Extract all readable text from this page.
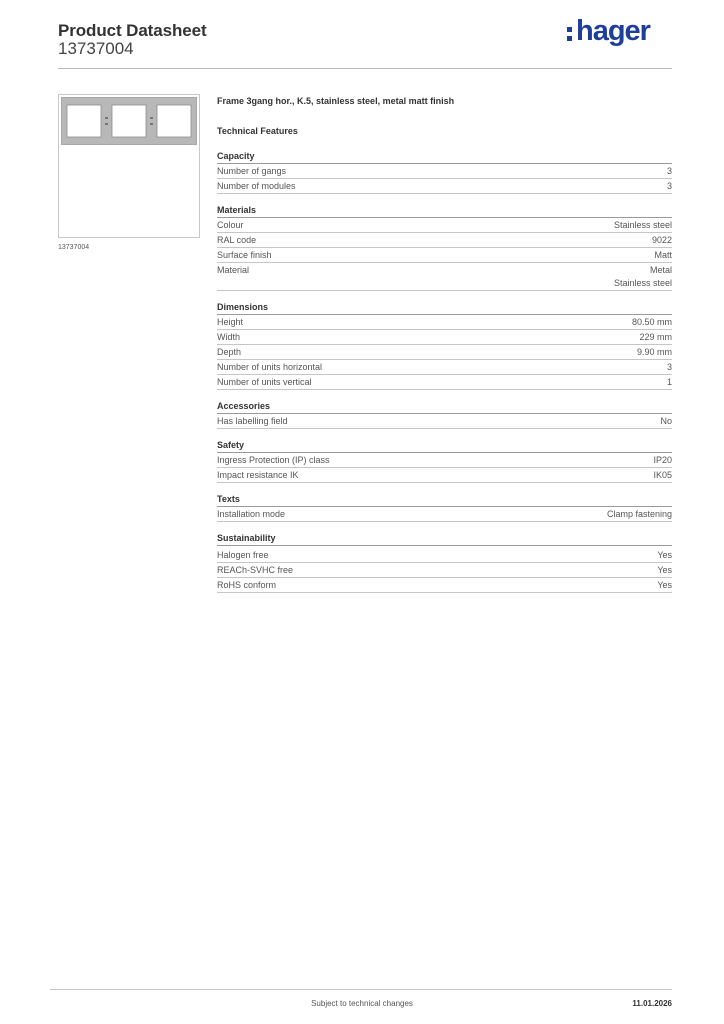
Product Datasheet
13737004
hager
13737004
Frame 3gang hor., K.5, stainless steel, metal matt finish
Technical Features
Capacity
Number of gangs	3
Number of modules	3
Materials
Colour	Stainless steel
RAL code	9022
Surface finish	Matt
Material	Metal
Stainless steel
Dimensions
Height	80.50 mm
Width	229 mm
Depth	9.90 mm
Number of units horizontal	3
Number of units vertical	1
Accessories
Has labelling field	No
Safety
Ingress Protection (IP) class	IP20
Impact resistance IK	IK05
Texts
Installation mode	Clamp fastening
Sustainability
Halogen free	Yes
REACh-SVHC free	Yes
RoHS conform	Yes
Subject to technical changes	11.01.2026
